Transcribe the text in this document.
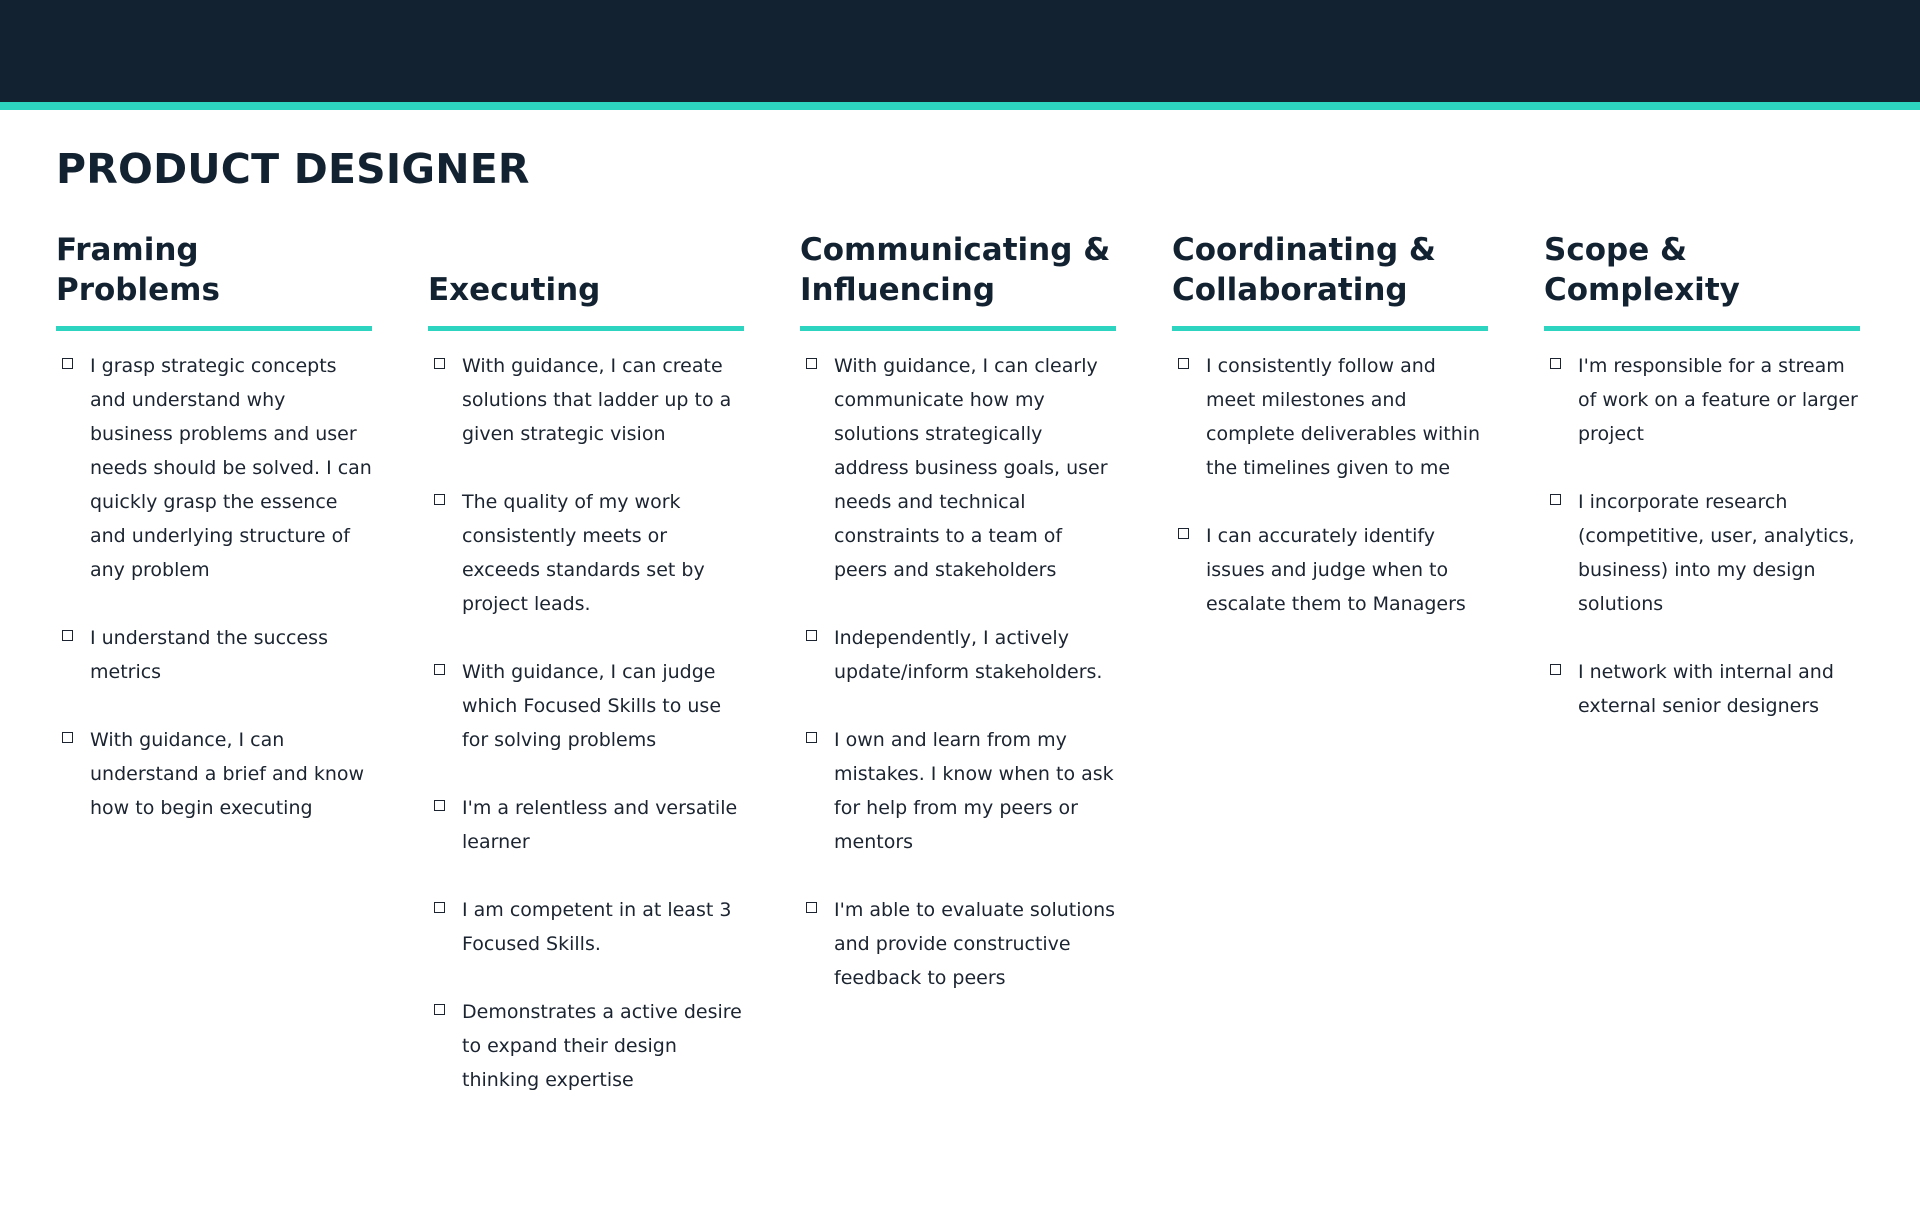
PRODUCT DESIGNER
Framing Problems
I grasp strategic concepts and understand why business problems and user needs should be solved. I can quickly grasp the essence and underlying structure of any problem
I understand the success metrics
With guidance, I can understand a brief and know how to begin executing
Executing
With guidance, I can create solutions that ladder up to a given strategic vision
The quality of my work consistently meets or exceeds standards set by project leads.
With guidance, I can judge which Focused Skills to use for solving problems
I'm a relentless and versatile learner
I am competent in at least 3 Focused Skills.
Demonstrates a active desire to expand their design thinking expertise
Communicating & Influencing
With guidance, I can clearly communicate how my solutions strategically address business goals, user needs and technical constraints to a team of peers and stakeholders
Independently, I actively update/inform stakeholders.
I own and learn from my mistakes. I know when to ask for help from my peers or mentors
I'm able to evaluate solutions and provide constructive feedback to peers
Coordinating & Collaborating
I consistently follow and meet milestones and complete deliverables within the timelines given to me
I can accurately identify issues and judge when to escalate them to Managers
Scope & Complexity
I'm responsible for a stream of work on a feature or larger project
I incorporate research (competitive, user, analytics, business) into my design solutions
I network with internal and external senior designers
